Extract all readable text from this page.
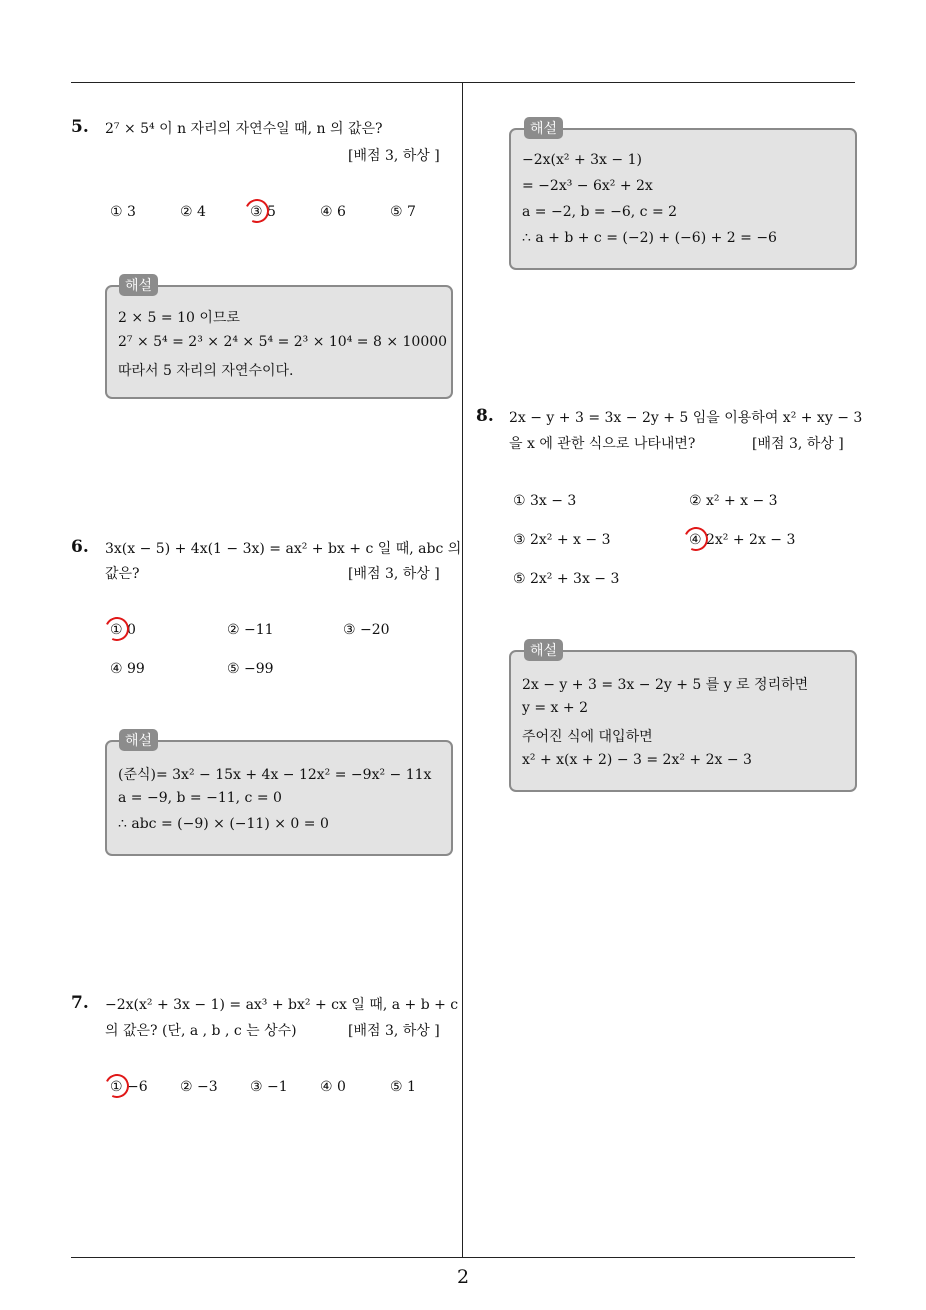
5. 2⁷ × 5⁴ 이 n 자리의 자연수일 때, n 의 값은?
[배점 3, 하상 ]
① 3	② 4	③ 5	④ 6	⑤ 7
2 × 5 = 10 이므로
2⁷ × 5⁴ = 2³ × 2⁴ × 5⁴ = 2³ × 10⁴ = 8 × 10000
따라서 5 자리의 자연수이다.
해설
6. 3x(x − 5) + 4x(1 − 3x) = ax² + bx + c 일 때, abc 의
값은?	[배점 3, 하상 ]
① 0	② −11	③ −20
④ 99	⑤ −99
(준식)= 3x² − 15x + 4x − 12x² = −9x² − 11x
a = −9, b = −11, c = 0
∴ abc = (−9) × (−11) × 0 = 0
해설
7. −2x(x² + 3x − 1) = ax³ + bx² + cx 일 때, a + b + c
의 값은? (단, a , b , c 는 상수)	[배점 3, 하상 ]
① −6 ② −3 ③ −1 ④ 0	⑤ 1
−2x(x² + 3x − 1)
= −2x³ − 6x² + 2x
a = −2, b = −6, c = 2
∴ a + b + c = (−2) + (−6) + 2 = −6
해설
8. 2x − y + 3 = 3x − 2y + 5 임을 이용하여 x² + xy − 3
을 x 에 관한 식으로 나타내면?	[배점 3, 하상 ]
① 3x − 3	② x² + x − 3
③ 2x² + x − 3	④ 2x² + 2x − 3
⑤ 2x² + 3x − 3
2x − y + 3 = 3x − 2y + 5 를 y 로 정리하면
y = x + 2
주어진 식에 대입하면
x² + x(x + 2) − 3 = 2x² + 2x − 3
해설
2
